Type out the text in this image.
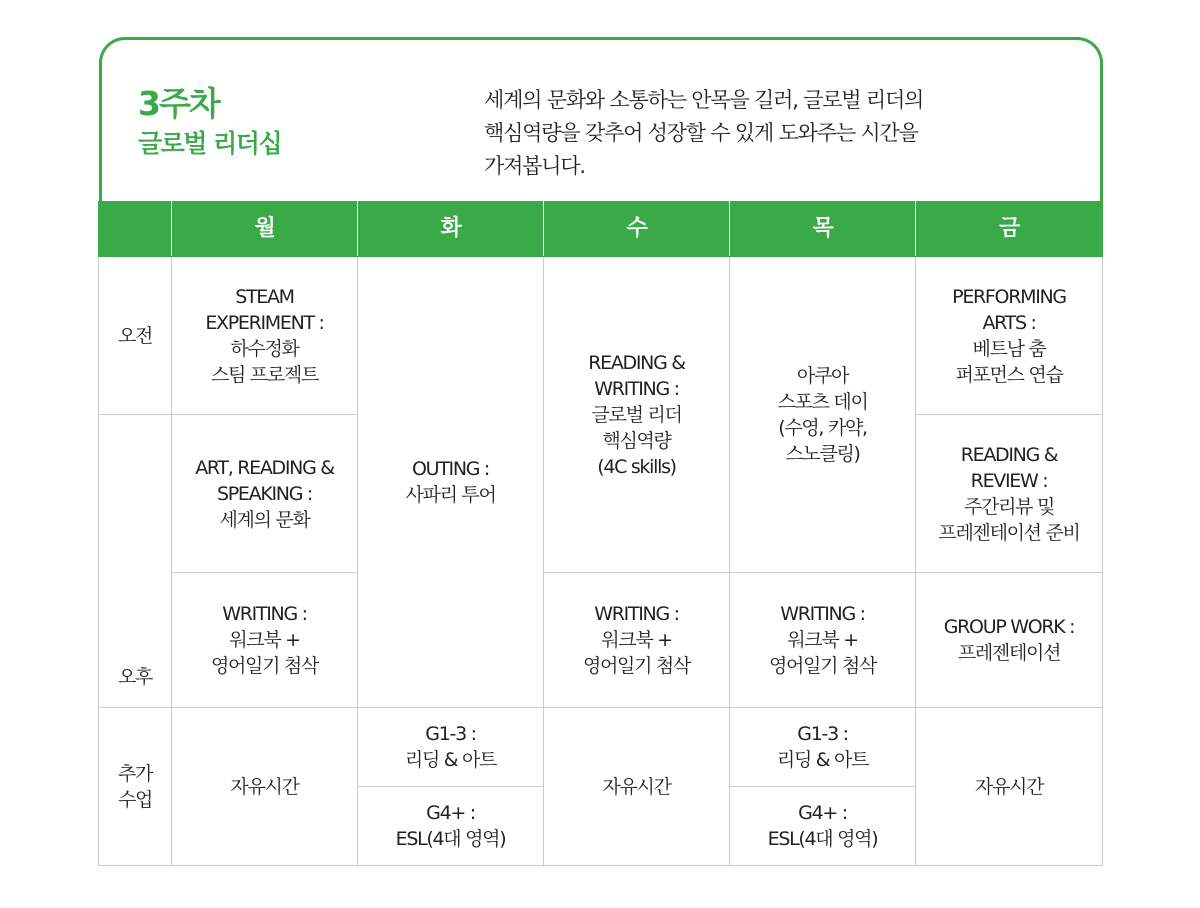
3주차

글로벌 리더십

세계의 문화와 소통하는 안목을 길러, 글로벌 리더의
핵심역량을 갖추어 성장할 수 있게 도와주는 시간을
가져봅니다.

	월	화	수	목	금
오전	STEAM
EXPERIMENT :
하수정화
스팀 프로젝트	OUTING :
사파리 투어	READING &
WRITING :
글로벌 리더
핵심역량
(4C skills)	아쿠아
스포츠 데이
(수영, 카약,
스노클링)	PERFORMING
ARTS :
베트남 춤
퍼포먼스 연습
오후	ART, READING &
SPEAKING :
세계의 문화				READING &
REVIEW :
주간리뷰 및
프레젠테이션 준비
	WRITING :
워크북 +
영어일기 첨삭		WRITING :
워크북 +
영어일기 첨삭	WRITING :
워크북 +
영어일기 첨삭	GROUP WORK :
프레젠테이션
추가
수업	자유시간	G1-3 :
리딩 & 아트	자유시간	G1-3 :
리딩 & 아트	자유시간
		G4+ :
ESL(4대 영역)		G4+ :
ESL(4대 영역)	
